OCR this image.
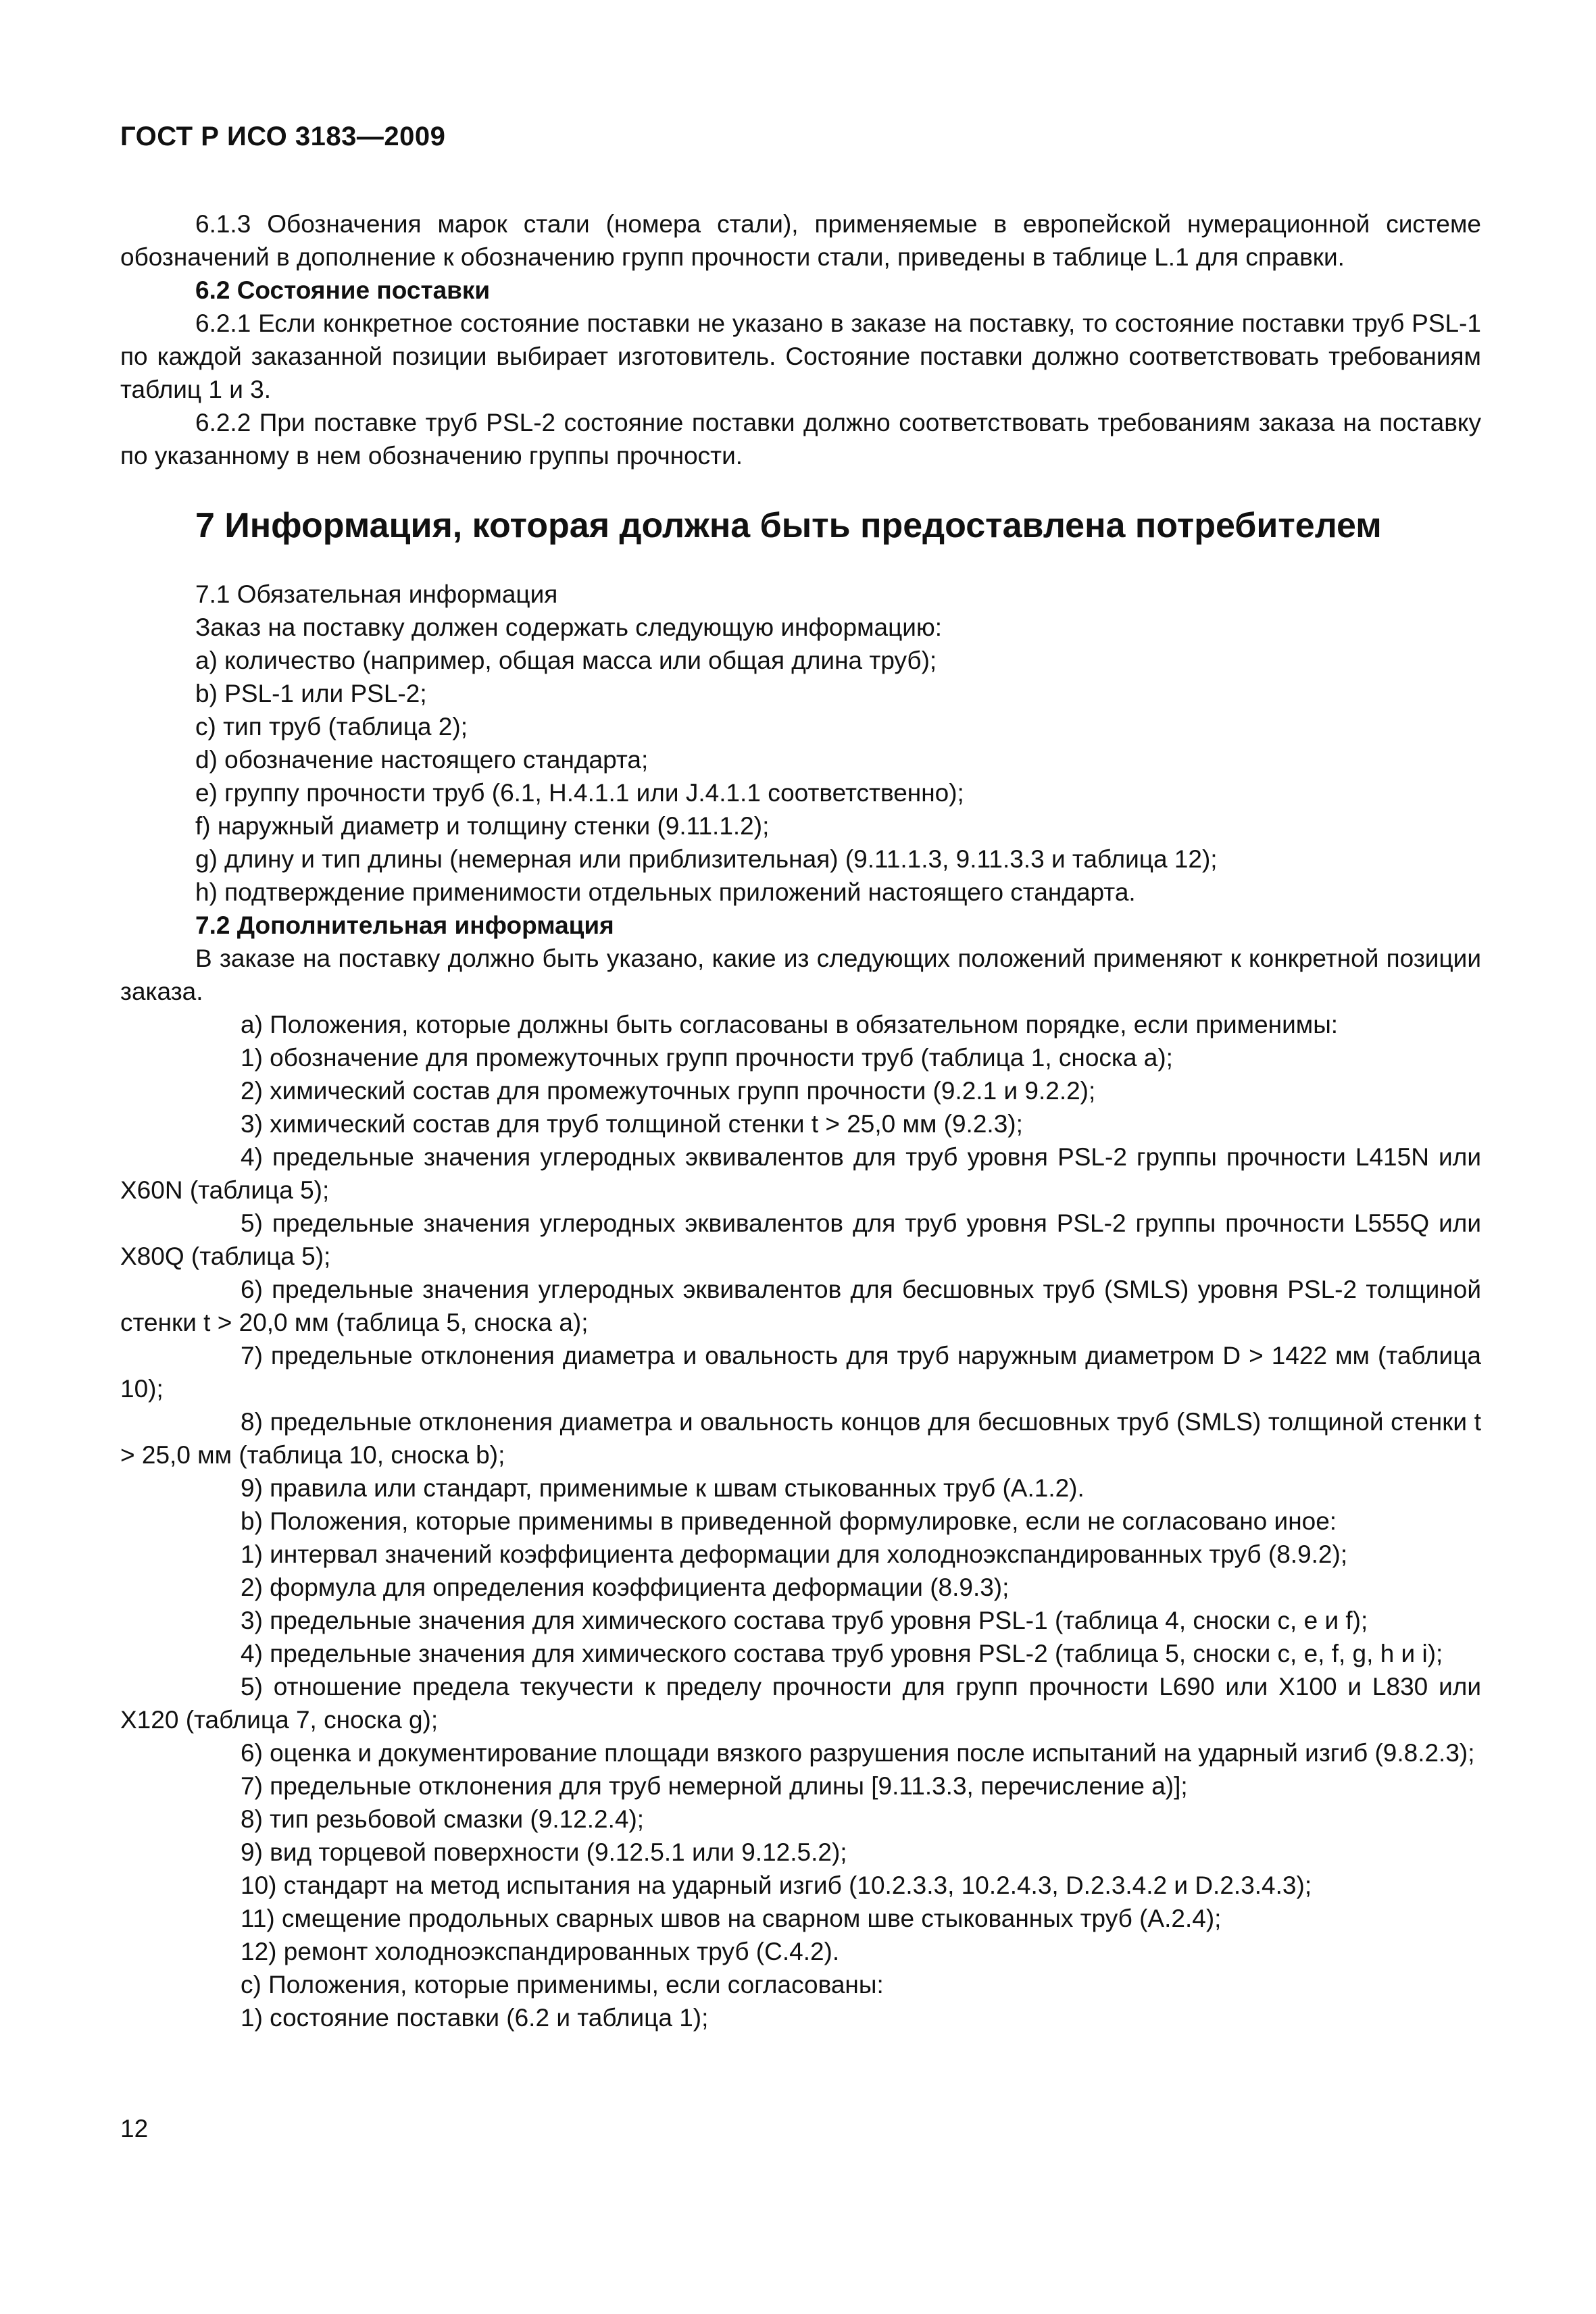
ГОСТ Р ИСО 3183—2009

6.1.3 Обозначения марок стали (номера стали), применяемые в европейской нумерационной системе обозначений в дополнение к обозначению групп прочности стали, приведены в таблице L.1 для справки.

6.2 Состояние поставки

6.2.1 Если конкретное состояние поставки не указано в заказе на поставку, то состояние поставки труб PSL-1 по каждой заказанной позиции выбирает изготовитель. Состояние поставки должно соответствовать требованиям таблиц 1 и 3.

6.2.2 При поставке труб PSL-2 состояние поставки должно соответствовать требованиям заказа на поставку по указанному в нем обозначению группы прочности.

7 Информация, которая должна быть предоставлена потребителем

7.1 Обязательная информация

Заказ на поставку должен содержать следующую информацию:

a) количество (например, общая масса или общая длина труб);

b) PSL-1 или PSL-2;

c) тип труб (таблица 2);

d) обозначение настоящего стандарта;

e) группу прочности труб (6.1, H.4.1.1 или J.4.1.1 соответственно);

f) наружный диаметр и толщину стенки (9.11.1.2);

g) длину и тип длины (немерная или приблизительная) (9.11.1.3, 9.11.3.3 и таблица 12);

h) подтверждение применимости отдельных приложений настоящего стандарта.

7.2 Дополнительная информация

В заказе на поставку должно быть указано, какие из следующих положений применяют к конкретной позиции заказа.

a) Положения, которые должны быть согласованы в обязательном порядке, если применимы:

1) обозначение для промежуточных групп прочности труб (таблица 1, сноска a);

2) химический состав для промежуточных групп прочности (9.2.1 и 9.2.2);

3) химический состав для труб толщиной стенки t > 25,0 мм (9.2.3);

4) предельные значения углеродных эквивалентов для труб уровня PSL-2 группы прочности L415N или X60N (таблица 5);

5) предельные значения углеродных эквивалентов для труб уровня PSL-2 группы прочности L555Q или X80Q (таблица 5);

6) предельные значения углеродных эквивалентов для бесшовных труб (SMLS) уровня PSL-2 толщиной стенки t > 20,0 мм (таблица 5, сноска a);

7) предельные отклонения диаметра и овальность для труб наружным диаметром D > 1422 мм (таблица 10);

8) предельные отклонения диаметра и овальность концов для бесшовных труб (SMLS) толщиной стенки t > 25,0 мм (таблица 10, сноска b);

9) правила или стандарт, применимые к швам стыкованных труб (A.1.2).

b) Положения, которые применимы в приведенной формулировке, если не согласовано иное:

1) интервал значений коэффициента деформации для холодноэкспандированных труб (8.9.2);

2) формула для определения коэффициента деформации (8.9.3);

3) предельные значения для химического состава труб уровня PSL-1 (таблица 4, сноски c, e и f);

4) предельные значения для химического состава труб уровня PSL-2 (таблица 5, сноски c, e, f, g, h и i);

5) отношение предела текучести к пределу прочности для групп прочности L690 или X100 и L830 или X120 (таблица 7, сноска g);

6) оценка и документирование площади вязкого разрушения после испытаний на ударный изгиб (9.8.2.3);

7) предельные отклонения для труб немерной длины [9.11.3.3, перечисление a)];

8) тип резьбовой смазки (9.12.2.4);

9) вид торцевой поверхности (9.12.5.1 или 9.12.5.2);

10) стандарт на метод испытания на ударный изгиб (10.2.3.3, 10.2.4.3, D.2.3.4.2 и D.2.3.4.3);

11) смещение продольных сварных швов на сварном шве стыкованных труб (A.2.4);

12) ремонт холодноэкспандированных труб (C.4.2).

c) Положения, которые применимы, если согласованы:

1) состояние поставки (6.2 и таблица 1);

12
